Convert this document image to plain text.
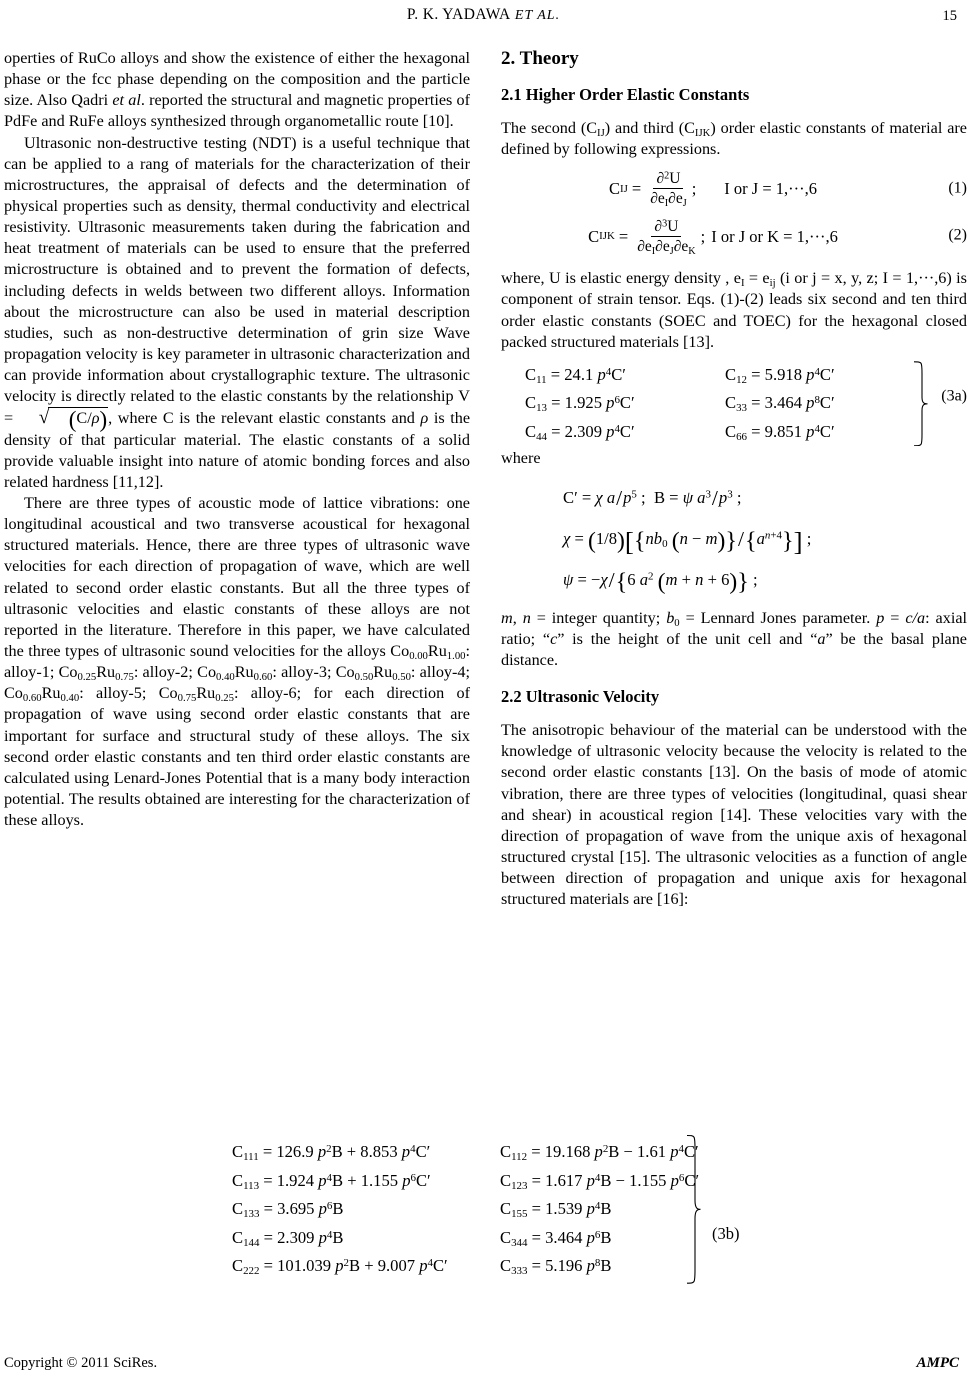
P. K. YADAWA ET AL.	15

operties of RuCo alloys and show the existence of either the hexagonal phase or the fcc phase depending on the composition and the particle size. Also Qadri et al. reported the structural and magnetic properties of PdFe and RuFe alloys synthesized through organometallic route [10].

Ultrasonic non-destructive testing (NDT) is a useful technique that can be applied to a rang of materials for the characterization of their microstructures, the appraisal of defects and the determination of physical properties such as density, thermal conductivity and electrical resistivity. Ultrasonic measurements taken during the fabrication and heat treatment of materials can be used to ensure that the preferred microstructure is obtained and to prevent the formation of defects, including defects in welds between two different alloys. Information about the microstructure can also be used in material description studies, such as non-destructive determination of grin size Wave propagation velocity is key parameter in ultrasonic characterization and can provide information about crystallographic texture. The ultrasonic velocity is directly related to the elastic constants by the relationship V = √ (C/ρ), where C is the relevant elastic constants and ρ is the density of that particular material. The elastic constants of a solid provide valuable insight into nature of atomic bonding forces and also related hardness [11,12].

There are three types of acoustic mode of lattice vibrations: one longitudinal acoustical and two transverse acoustical for hexagonal structured materials. Hence, there are three types of ultrasonic wave velocities for each direction of propagation of wave, which are well related to second order elastic constants. But all the three types of ultrasonic velocities and elastic constants of these alloys are not reported in the literature. Therefore in this paper, we have calculated the three types of ultrasonic sound velocities for the alloys $Co_{0.00}Ru_{1.00}$: alloy-1; $Co_{0.25}Ru_{0.75}$: alloy-2; $Co_{0.40}Ru_{0.60}$: alloy-3; $Co_{0.50}Ru_{0.50}$: alloy-4; $Co_{0.60}Ru_{0.40}$: alloy-5; $Co_{0.75}Ru_{0.25}$: alloy-6; for each direction of propagation of wave using second order elastic constants that are important for surface and structural study of these alloys. The six second order elastic constants and ten third order elastic constants are calculated using Lenard-Jones Potential that is a many body interaction potential. The results obtained are interesting for the characterization of these alloys.

2. Theory
2.1 Higher Order Elastic Constants

The second $(C_{IJ})$ and third $(C_{IJK})$ order elastic constants of material are defined by following expressions.

C IJ = $\frac{\partial^2U}{\partial e_I\partial e_J}$ ;	I or J = 1,···,6	(1)
C IJK = $\frac{\partial^3U}{\partial e_I\partial e_J\partial e_K}$ ; I or J or K = 1,···,6	(2)

where, U is elastic energy density , $e_I = e_{ij}$ (i or j = x, y, z; I = 1,···,6) is component of strain tensor. Eqs. (1)-(2) leads six second and ten third order elastic constants (SOEC and TOEC) for the hexagonal closed packed structured materials [13].

$C_{11} = 24.1$ $p^4C'$	$C_{12} = 5.918$ $p^4C'$
$C_{13} = 1.925$ $p^6C'$	$C_{33} = 3.464$ $p^8C'$
$C_{44} = 2.309$ $p^4C'$	$C_{66} = 9.851$ $p^4C'$
(3a)
where
C′ = χ $a/p^5$ ;  B = ψ $a^3/p^3$ ;
$\chi = (1/8)[\{nb_0$ $(n - m)\}/\{a^{n+4}\}$] ;
ψ = −χ/{6 $a^2$ (m + n + 6)} ;

m, n = integer quantity; $b_0$ = Lennard Jones parameter. p = c/a: axial ratio; “c” is the height of the unit cell and “a” be the basal plane distance.

2.2 Ultrasonic Velocity

The anisotropic behaviour of the material can be understood with the knowledge of ultrasonic velocity because the velocity is related to the second order elastic constants [13]. On the basis of mode of atomic vibration, there are three types of velocities (longitudinal, quasi shear and shear) in acoustical region [14]. These velocities vary with the direction of propagation of wave from the unique axis of hexagonal structured crystal [15]. The ultrasonic velocities as a function of angle between direction of propagation and unique axis for hexagonal structured materials are [16]:

$C_{111} = 126.9$ $p^2B + 8.853$ $p^4C'$	$C_{112} = 19.168$ $p^2B - 1.61$ $p^4C'$
$C_{113} = 1.924$ $p^4B + 1.155$ $p^6C'$	$C_{123} = 1.617$ $p^4B - 1.155$ $p^6C'$
$C_{133} = 3.695$ $p^6B$	$C_{155} = 1.539$ $p^4B$
$C_{144} = 2.309$ $p^4B$	$C_{344} = 3.464$ $p^6B$
$C_{222} = 101.039$ $p^2B + 9.007$ $p^4C'$	$C_{333} = 5.196$ $p^8B$
(3b)
Copyright © 2011 SciRes.	AMPC
